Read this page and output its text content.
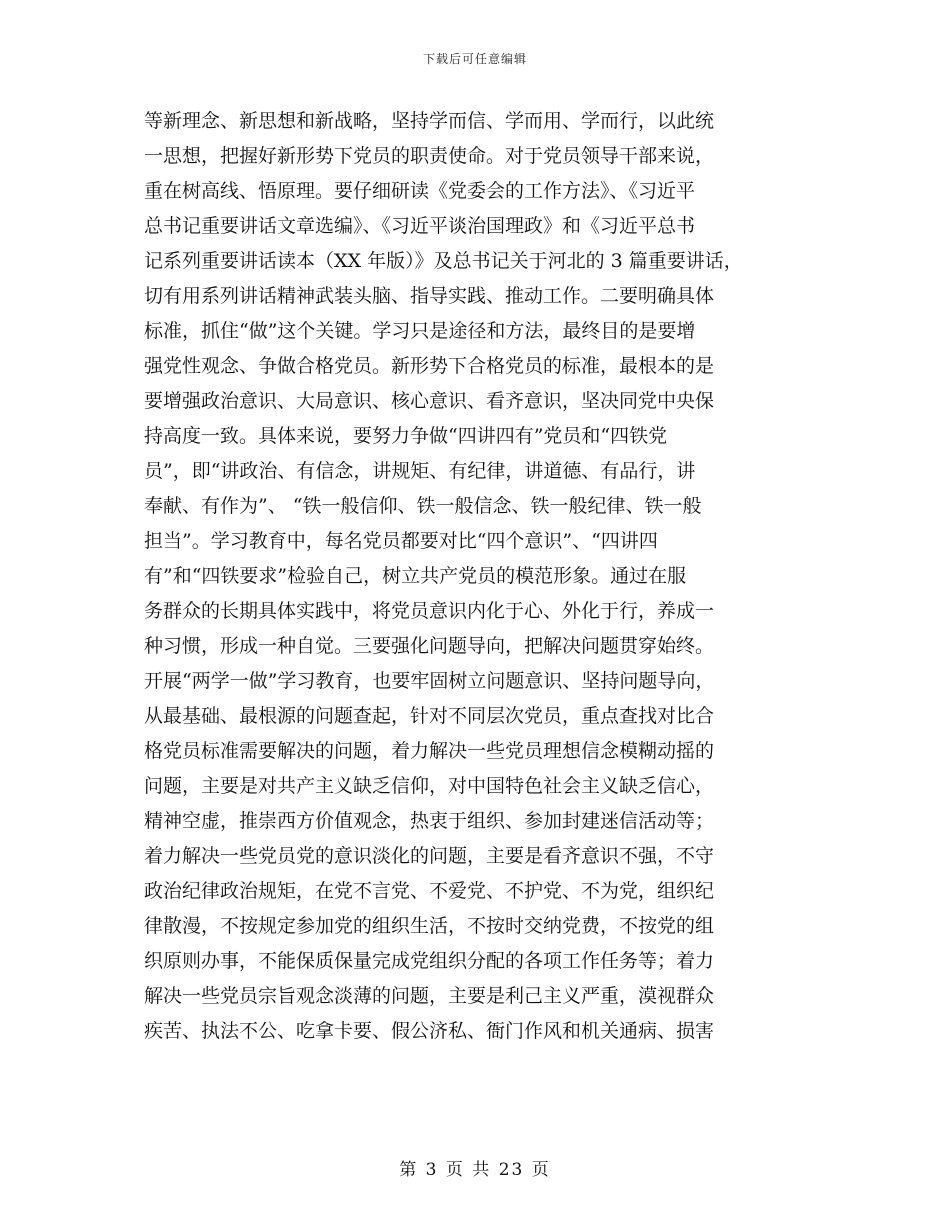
下载后可任意编辑
等新理念、新思想和新战略，坚持学而信、学而用、学而行，以此统
一思想，把握好新形势下党员的职责使命。对于党员领导干部来说，
重在树高线、悟原理。要仔细研读《党委会的工作方法》、《习近平
总书记重要讲话文章选编》、《习近平谈治国理政》和《习近平总书
记系列重要讲话读本（XX 年版）》及总书记关于河北的 3 篇重要讲话，
切有用系列讲话精神武装头脑、指导实践、推动工作。二要明确具体
标准，抓住“做”这个关键。学习只是途径和方法，最终目的是要增
强党性观念、争做合格党员。新形势下合格党员的标准，最根本的是
要增强政治意识、大局意识、核心意识、看齐意识，坚决同党中央保
持高度一致。具体来说，要努力争做“四讲四有”党员和“四铁党
员”，即“讲政治、有信念，讲规矩、有纪律，讲道德、有品行，讲
奉献、有作为”、 “铁一般信仰、铁一般信念、铁一般纪律、铁一般
担当”。学习教育中，每名党员都要对比“四个意识”、“四讲四
有”和“四铁要求”检验自己，树立共产党员的模范形象。通过在服
务群众的长期具体实践中，将党员意识内化于心、外化于行，养成一
种习惯，形成一种自觉。三要强化问题导向，把解决问题贯穿始终。
开展“两学一做”学习教育，也要牢固树立问题意识、坚持问题导向，
从最基础、最根源的问题查起，针对不同层次党员，重点查找对比合
格党员标准需要解决的问题，着力解决一些党员理想信念模糊动摇的
问题，主要是对共产主义缺乏信仰，对中国特色社会主义缺乏信心，
精神空虚，推崇西方价值观念，热衷于组织、参加封建迷信活动等；
着力解决一些党员党的意识淡化的问题，主要是看齐意识不强，不守
政治纪律政治规矩，在党不言党、不爱党、不护党、不为党，组织纪
律散漫，不按规定参加党的组织生活，不按时交纳党费，不按党的组
织原则办事，不能保质保量完成党组织分配的各项工作任务等；着力
解决一些党员宗旨观念淡薄的问题，主要是利己主义严重，漠视群众
疾苦、执法不公、吃拿卡要、假公济私、衙门作风和机关通病、损害
第 3 页 共 23 页
